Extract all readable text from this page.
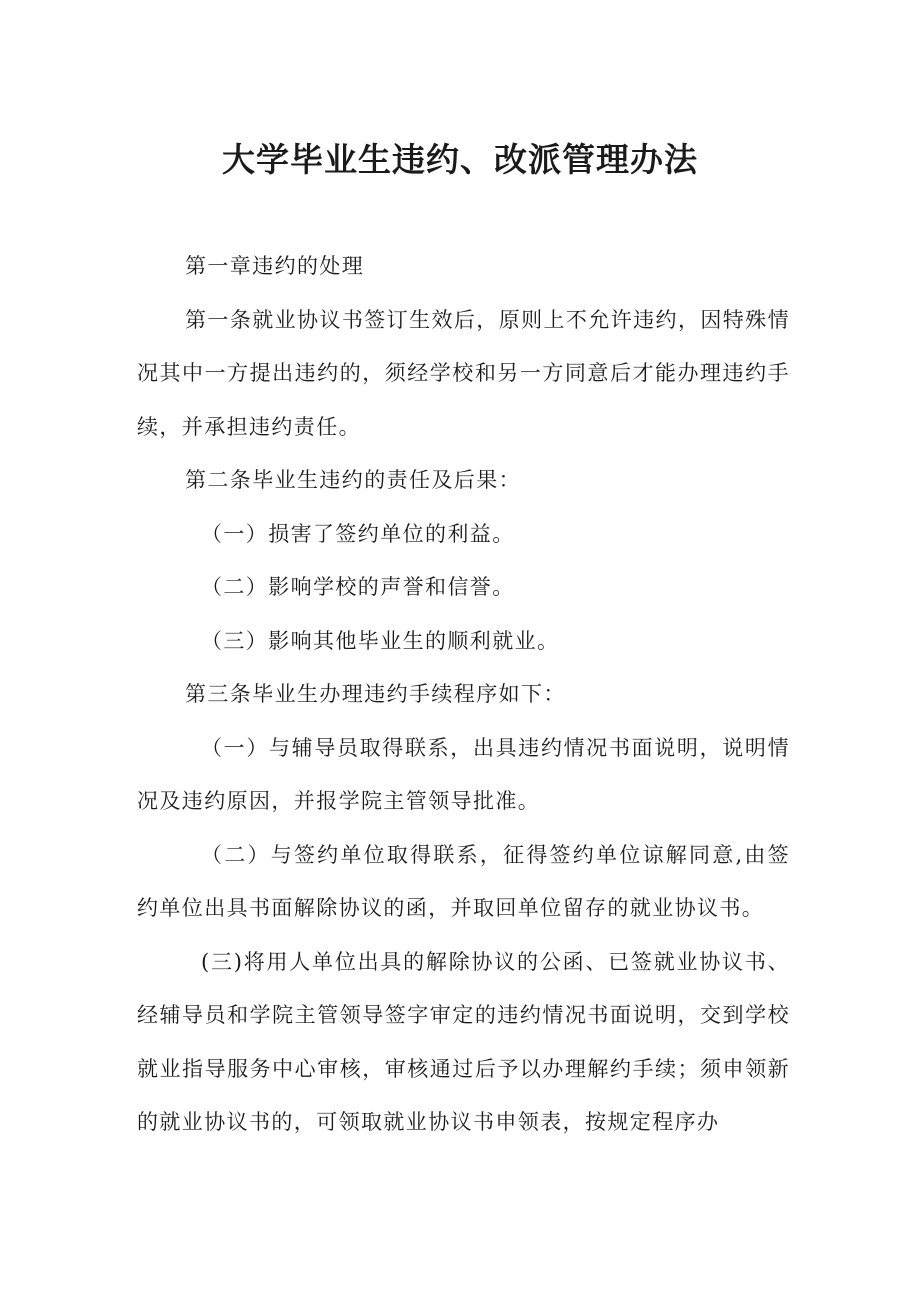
大学毕业生违约、改派管理办法

第一章违约的处理

第一条就业协议书签订生效后，原则上不允许违约，因特殊情况其中一方提出违约的，须经学校和另一方同意后才能办理违约手续，并承担违约责任。

第二条毕业生违约的责任及后果：

（一）损害了签约单位的利益。

（二）影响学校的声誉和信誉。

（三）影响其他毕业生的顺利就业。

第三条毕业生办理违约手续程序如下：

（一）与辅导员取得联系，出具违约情况书面说明，说明情况及违约原因，并报学院主管领导批准。

（二）与签约单位取得联系，征得签约单位谅解同意,由签约单位出具书面解除协议的函，并取回单位留存的就业协议书。

(三)将用人单位出具的解除协议的公函、已签就业协议书、经辅导员和学院主管领导签字审定的违约情况书面说明，交到学校就业指导服务中心审核，审核通过后予以办理解约手续；须申领新的就业协议书的，可领取就业协议书申领表，按规定程序办
